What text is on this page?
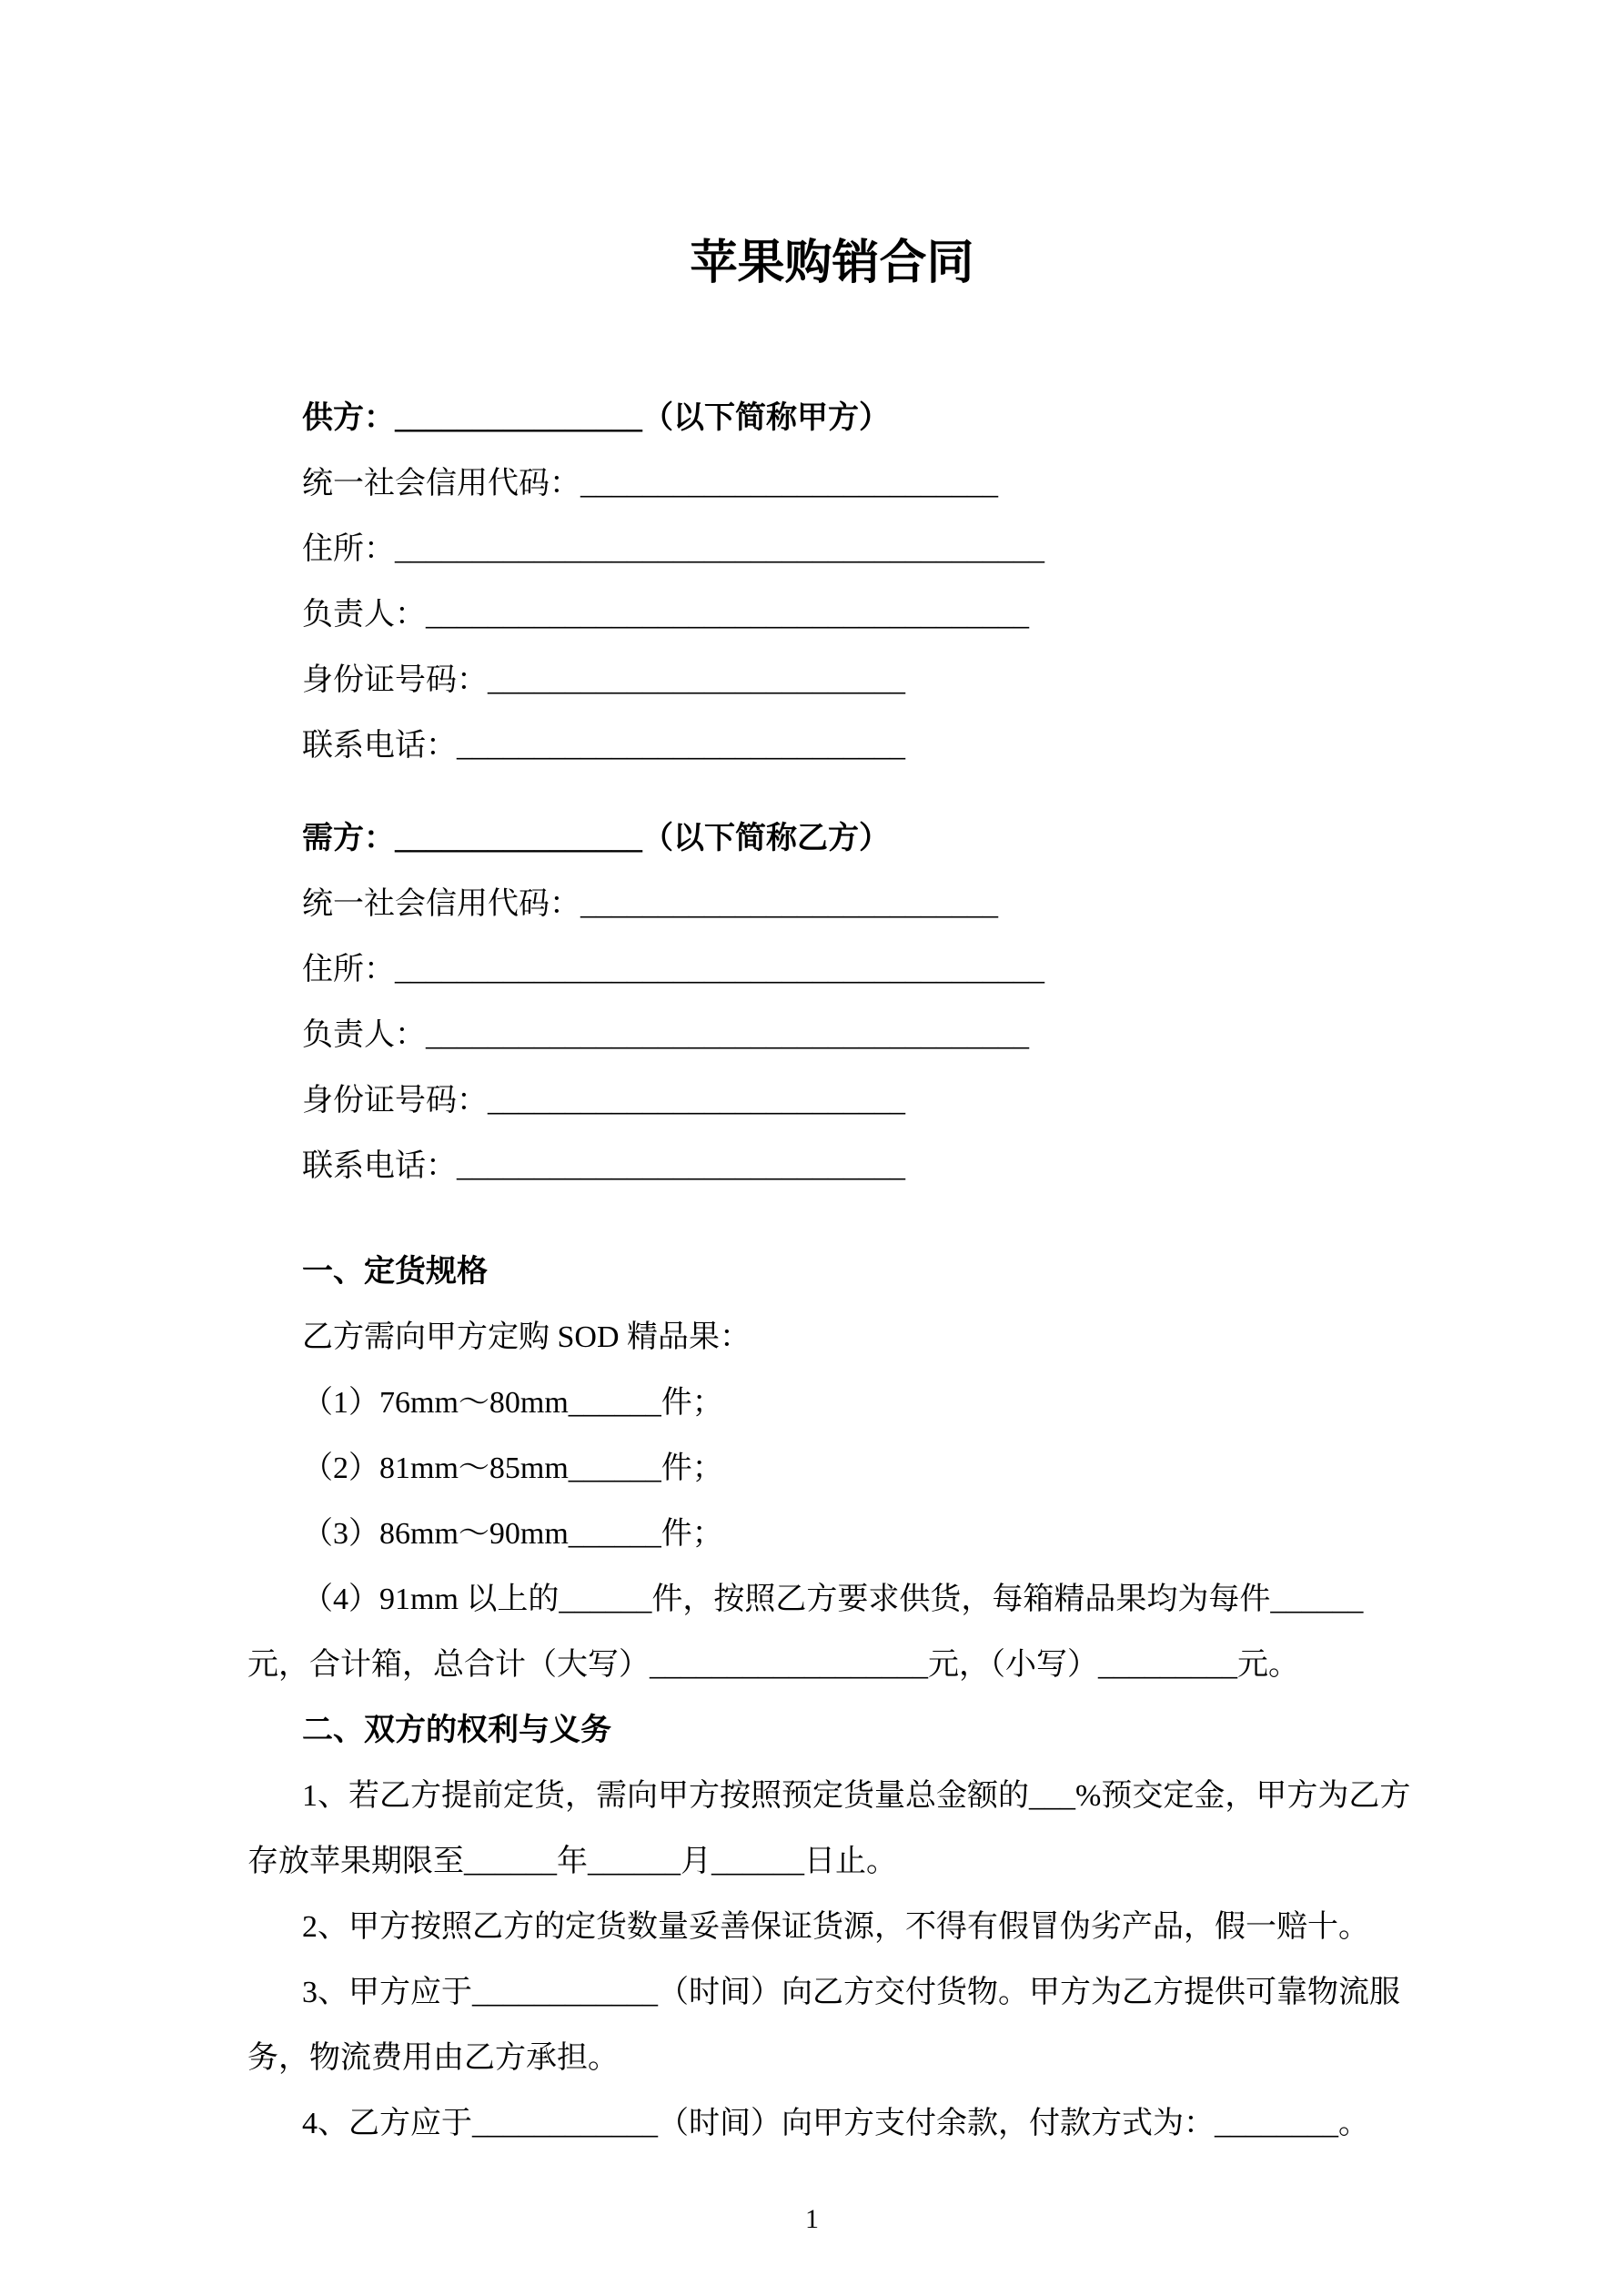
苹果购销合同

供方：________________（以下简称甲方）

统一社会信用代码：___________________________

住所：__________________________________________

负责人：_______________________________________

身份证号码：___________________________

联系电话：_____________________________

需方：________________（以下简称乙方）

统一社会信用代码：___________________________

住所：__________________________________________

负责人：_______________________________________

身份证号码：___________________________

联系电话：_____________________________

一、定货规格

乙方需向甲方定购 SOD 精品果：

（1）76mm～80mm______件；

（2）81mm～85mm______件；

（3）86mm～90mm______件；

（4）91mm 以上的______件，按照乙方要求供货，每箱精品果均为每件______元，合计箱，总合计（大写）__________________元，（小写）_________元。

二、双方的权利与义务

1、若乙方提前定货，需向甲方按照预定货量总金额的___%预交定金，甲方为乙方存放苹果期限至______年______月______日止。

2、甲方按照乙方的定货数量妥善保证货源，不得有假冒伪劣产品，假一赔十。

3、甲方应于____________（时间）向乙方交付货物。甲方为乙方提供可靠物流服务，物流费用由乙方承担。

4、乙方应于____________（时间）向甲方支付余款，付款方式为：________。

1
